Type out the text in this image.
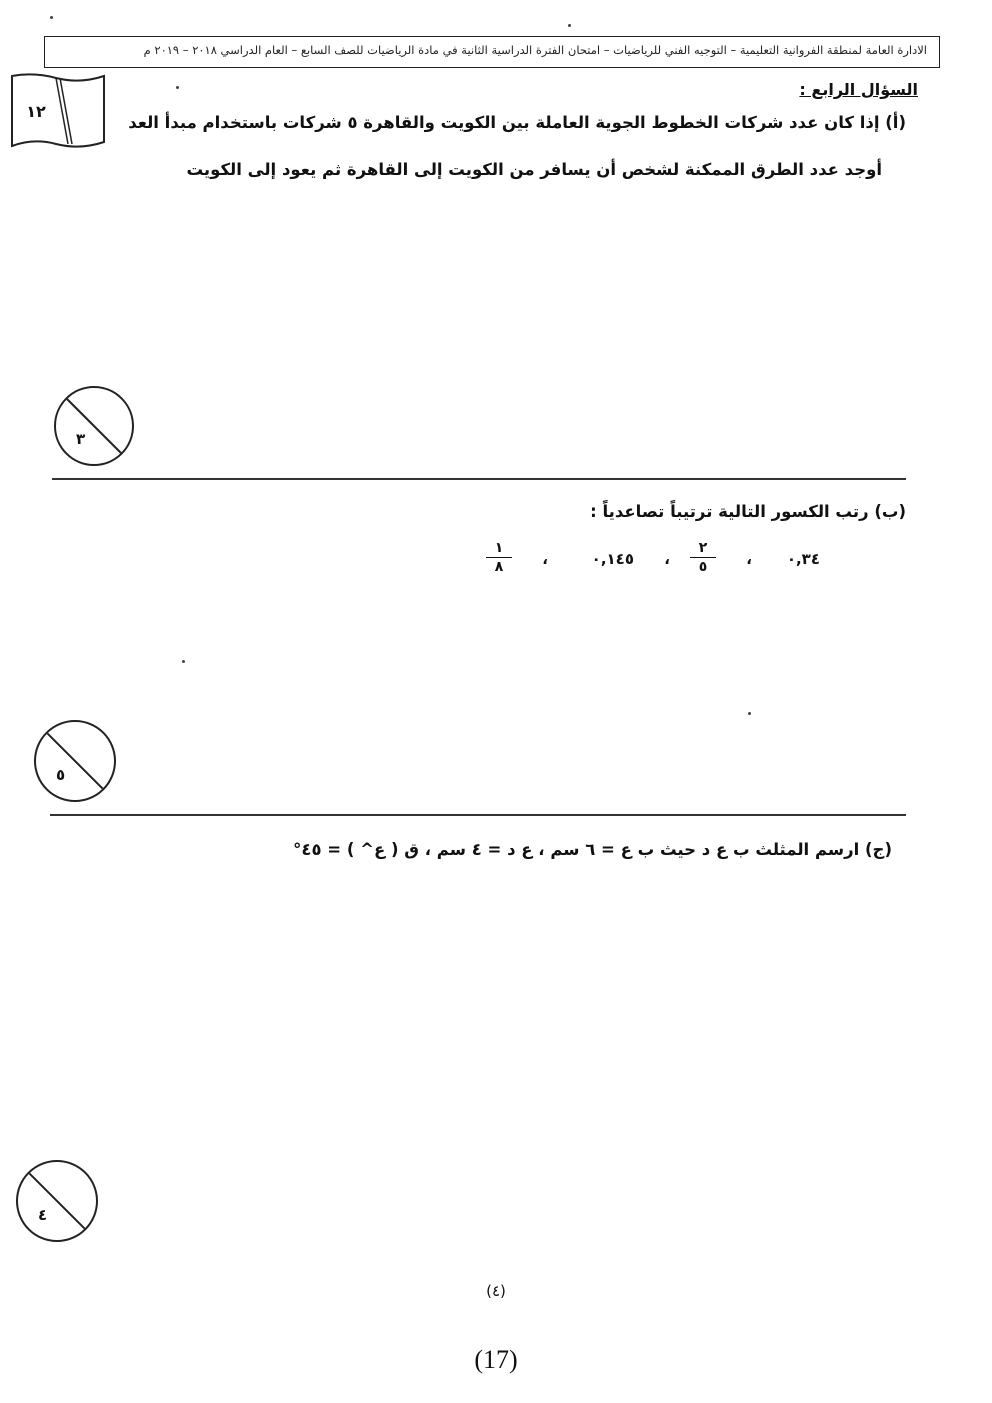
الادارة العامة لمنطقة الفروانية التعليمية – التوجيه الفني للرياضيات – امتحان الفترة الدراسية الثانية في مادة الرياضيات للصف السابع – العام الدراسي ٢٠١٨ – ٢٠١٩ م
١٢
السؤال الرابع :
(أ) إذا كان عدد شركات الخطوط الجوية العاملة بين الكويت والقاهرة ٥ شركات باستخدام مبدأ العد
أوجد عدد الطرق الممكنة لشخص أن يسافر من الكويت إلى القاهرة ثم يعود إلى الكويت
٣
(ب) رتب الكسور التالية ترتيباً تصاعدياً :
٠,٣٤
،
٢
٥
،
٠,١٤٥
،
١
٨
٥
(ج) ارسم المثلث ب ع د حيث ب ع = ٦ سم ، ع د = ٤ سم ، ق ( ع^ ) = ٤٥°
٤
(٤)
(17)
